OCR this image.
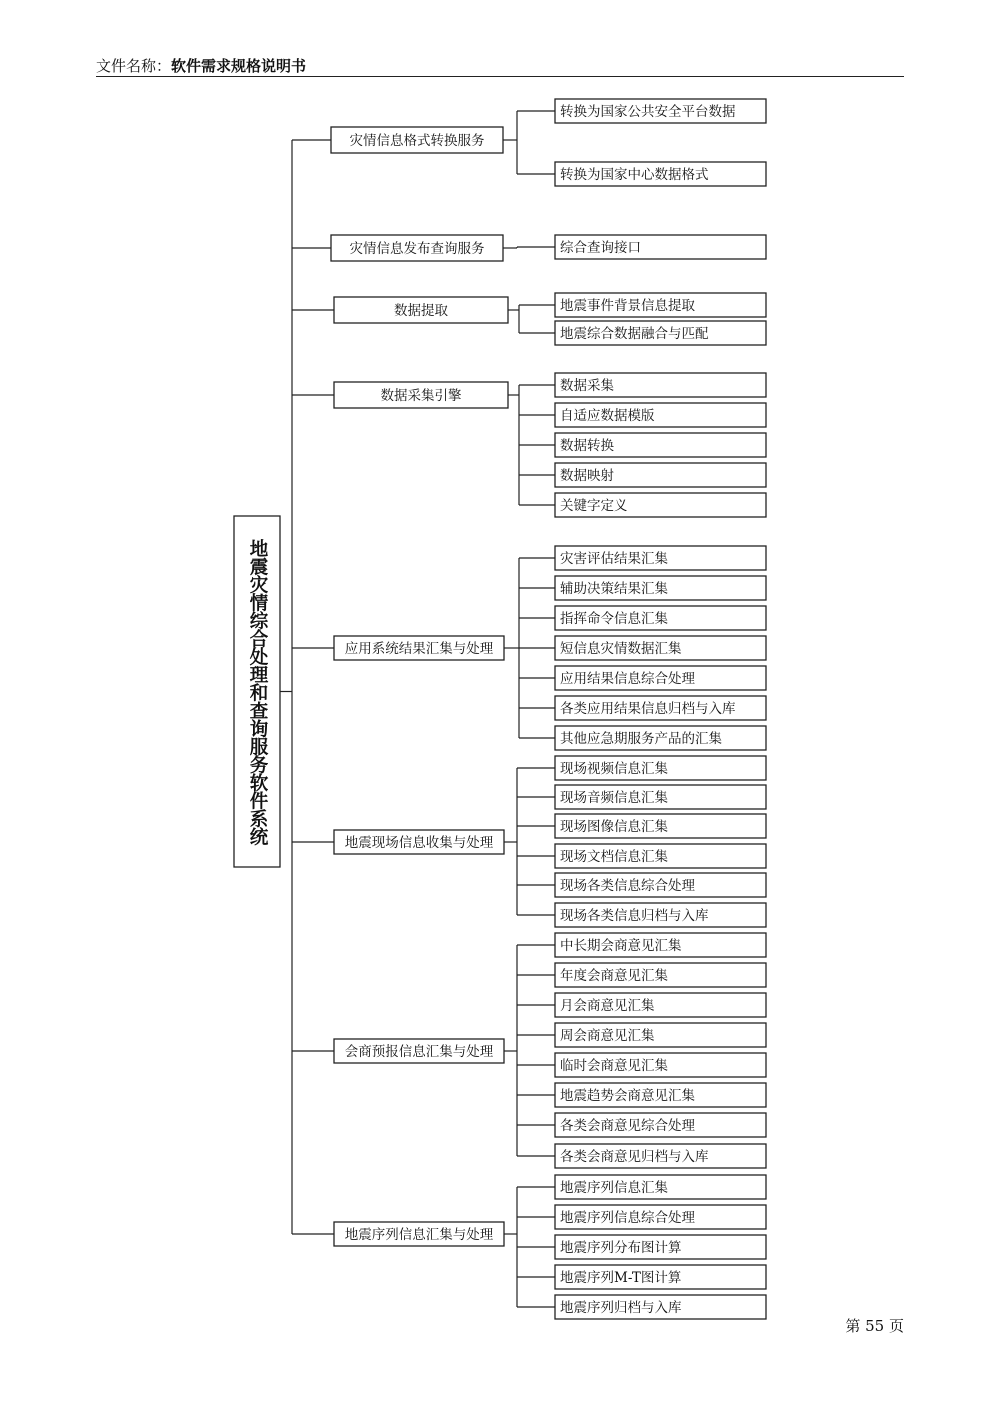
文件名称：软件需求规格说明书
灾情信息格式转换服务
转换为国家公共安全平台数据
转换为国家中心数据格式
灾情信息发布查询服务	综合查询接口
数据提取	地震事件背景信息提取
地震综合数据融合与匹配
数据采集引擎
数据采集
自适应数据模版
数据转换
数据映射
关键字定义
应用系统结果汇集与处理
灾害评估结果汇集
辅助决策结果汇集
指挥命令信息汇集
短信息灾情数据汇集
应用结果信息综合处理
各类应用结果信息归档与入库
其他应急期服务产品的汇集
地震现场信息收集与处理
现场视频信息汇集
现场音频信息汇集
现场图像信息汇集
现场文档信息汇集
现场各类信息综合处理
现场各类信息归档与入库
会商预报信息汇集与处理
中长期会商意见汇集
年度会商意见汇集
月会商意见汇集
周会商意见汇集
临时会商意见汇集
地震趋势会商意见汇集
各类会商意见综合处理
各类会商意见归档与入库
地震序列信息汇集与处理
地震序列信息汇集
地震序列信息综合处理
地震序列分布图计算
地震序列M-T图计算
地震序列归档与入库
地震灾情综合处理和查询服务软件系统
第 55 页
